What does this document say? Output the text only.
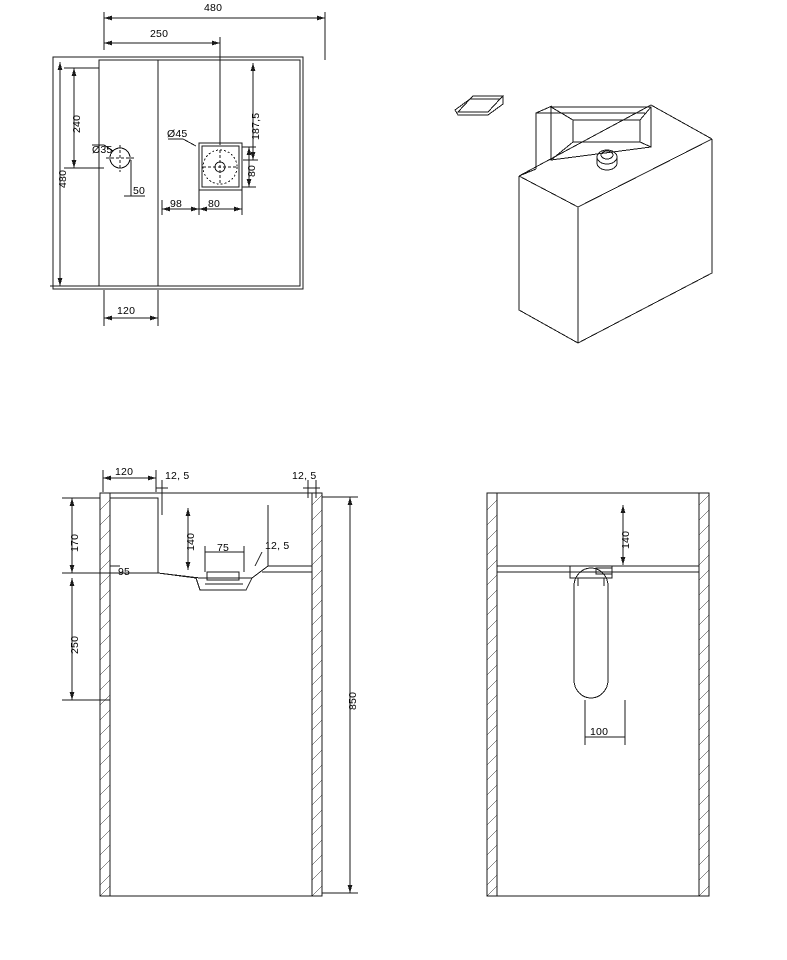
480
250
187,5
240
480
Ø45
Ø35
50
98 80
80
120
120	12, 5	12, 5
140 75	12, 5
170
250
95
850
140
100
